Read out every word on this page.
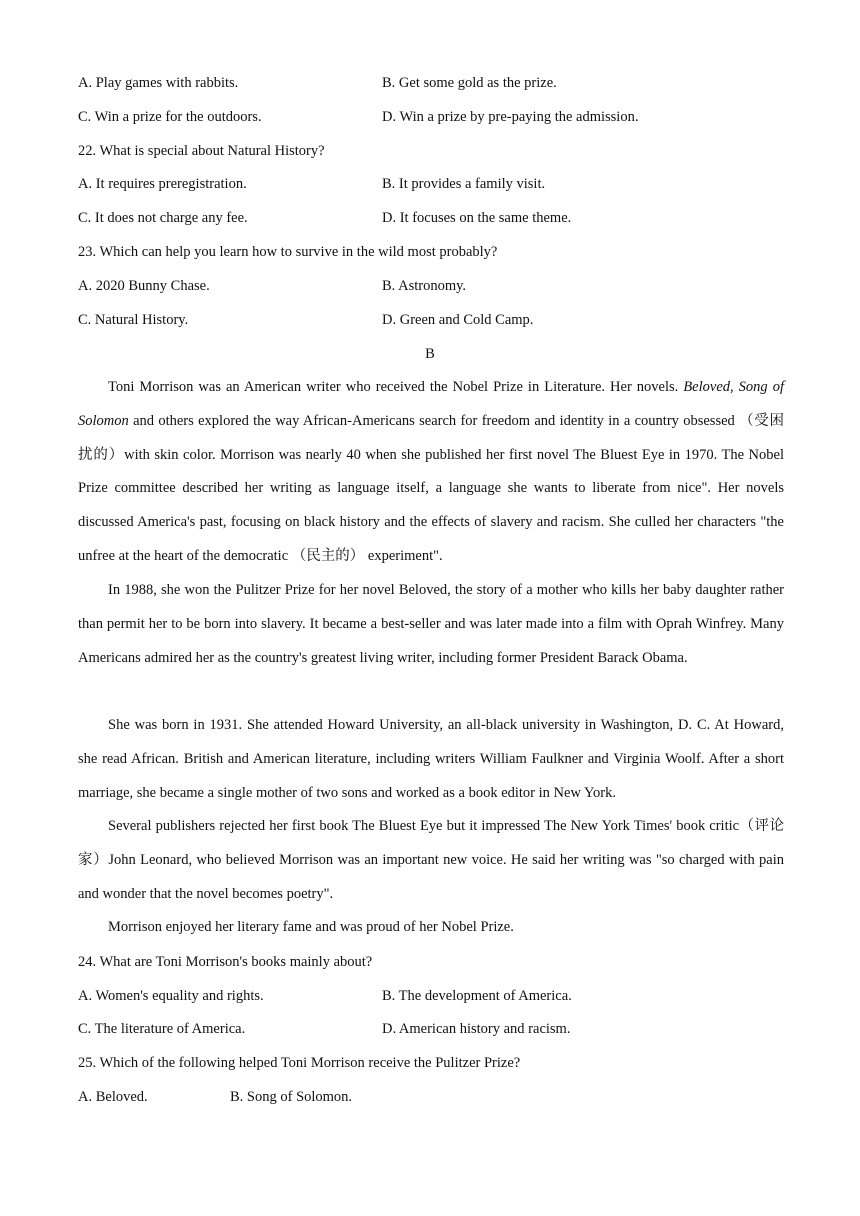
A. Play games with rabbits.	B. Get some gold as the prize.
C. Win a prize for the outdoors.	D. Win a prize by pre-paying the admission.
22. What is special about Natural History?
A. It requires preregistration.	B. It provides a family visit.
C. It does not charge any fee.	D. It focuses on the same theme.
23. Which can help you learn how to survive in the wild most probably?
A. 2020 Bunny Chase.	B. Astronomy.
C. Natural History.	D. Green and Cold Camp.
B
Toni Morrison was an American writer who received the Nobel Prize in Literature. Her novels. Beloved, Song of Solomon and others explored the way African-Americans search for freedom and identity in a country obsessed （受困扰的）with skin color. Morrison was nearly 40 when she published her first novel The Bluest Eye in 1970. The Nobel Prize committee described her writing as language itself, a language she wants to liberate from nice". Her novels discussed America's past, focusing on black history and the effects of slavery and racism. She culled her characters "the unfree at the heart of the democratic （民主的） experiment".
In 1988, she won the Pulitzer Prize for her novel Beloved, the story of a mother who kills her baby daughter rather than permit her to be born into slavery. It became a best-seller and was later made into a film with Oprah Winfrey. Many Americans admired her as the country's greatest living writer, including former President Barack Obama.
She was born in 1931. She attended Howard University, an all-black university in Washington, D. C. At Howard, she read African. British and American literature, including writers William Faulkner and Virginia Woolf. After a short marriage, she became a single mother of two sons and worked as a book editor in New York.
Several publishers rejected her first book The Bluest Eye but it impressed The New York Times' book critic（评论家）John Leonard, who believed Morrison was an important new voice. He said her writing was "so charged with pain and wonder that the novel becomes poetry".
Morrison enjoyed her literary fame and was proud of her Nobel Prize.
24. What are Toni Morrison's books mainly about?
A. Women's equality and rights.	B. The development of America.
C. The literature of America.	D. American history and racism.
25. Which of the following helped Toni Morrison receive the Pulitzer Prize?
A. Beloved.	B. Song of Solomon.
